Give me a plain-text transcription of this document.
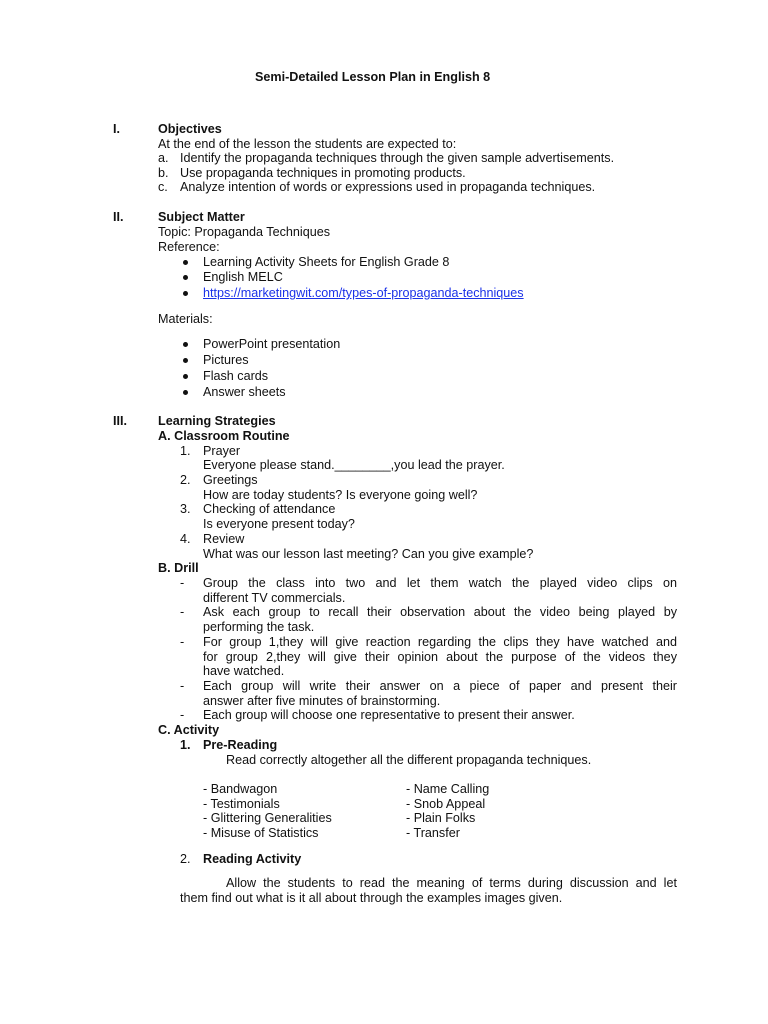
Semi-Detailed Lesson Plan in English 8
I.	Objectives
At the end of the lesson the students are expected to:
a. Identify the propaganda techniques through the given sample advertisements.
b. Use propaganda techniques in promoting products.
c. Analyze intention of words or expressions used in propaganda techniques.
II.	Subject Matter
Topic: Propaganda Techniques
Reference:
Learning Activity Sheets for English Grade 8
English MELC
https://marketingwit.com/types-of-propaganda-techniques
Materials:
PowerPoint presentation
Pictures
Flash cards
Answer sheets
III. Learning Strategies
A. Classroom Routine
1. Prayer
Everyone please stand.________,you lead the prayer.
2. Greetings
How are today students? Is everyone going well?
3. Checking of attendance
Is everyone present today?
4. Review
What was our lesson last meeting? Can you give example?
B. Drill
- Group the class into two and let them watch the played video clips on
different TV commercials.
- Ask each group to recall their observation about the video being played by
performing the task.
- For group 1,they will give reaction regarding the clips they have watched and
for group 2,they will give their opinion about the purpose of the videos they
have watched.
- Each group will write their answer on a piece of paper and present their
answer after five minutes of brainstorming.
- Each group will choose one representative to present their answer.
C. Activity
1. Pre-Reading
Read correctly altogether all the different propaganda techniques.
- Bandwagon
- Testimonials
- Glittering Generalities
- Misuse of Statistics
- Name Calling
- Snob Appeal
- Plain Folks
- Transfer
2. Reading Activity
Allow the students to read the meaning of terms during discussion and let
them find out what is it all about through the examples images given.
